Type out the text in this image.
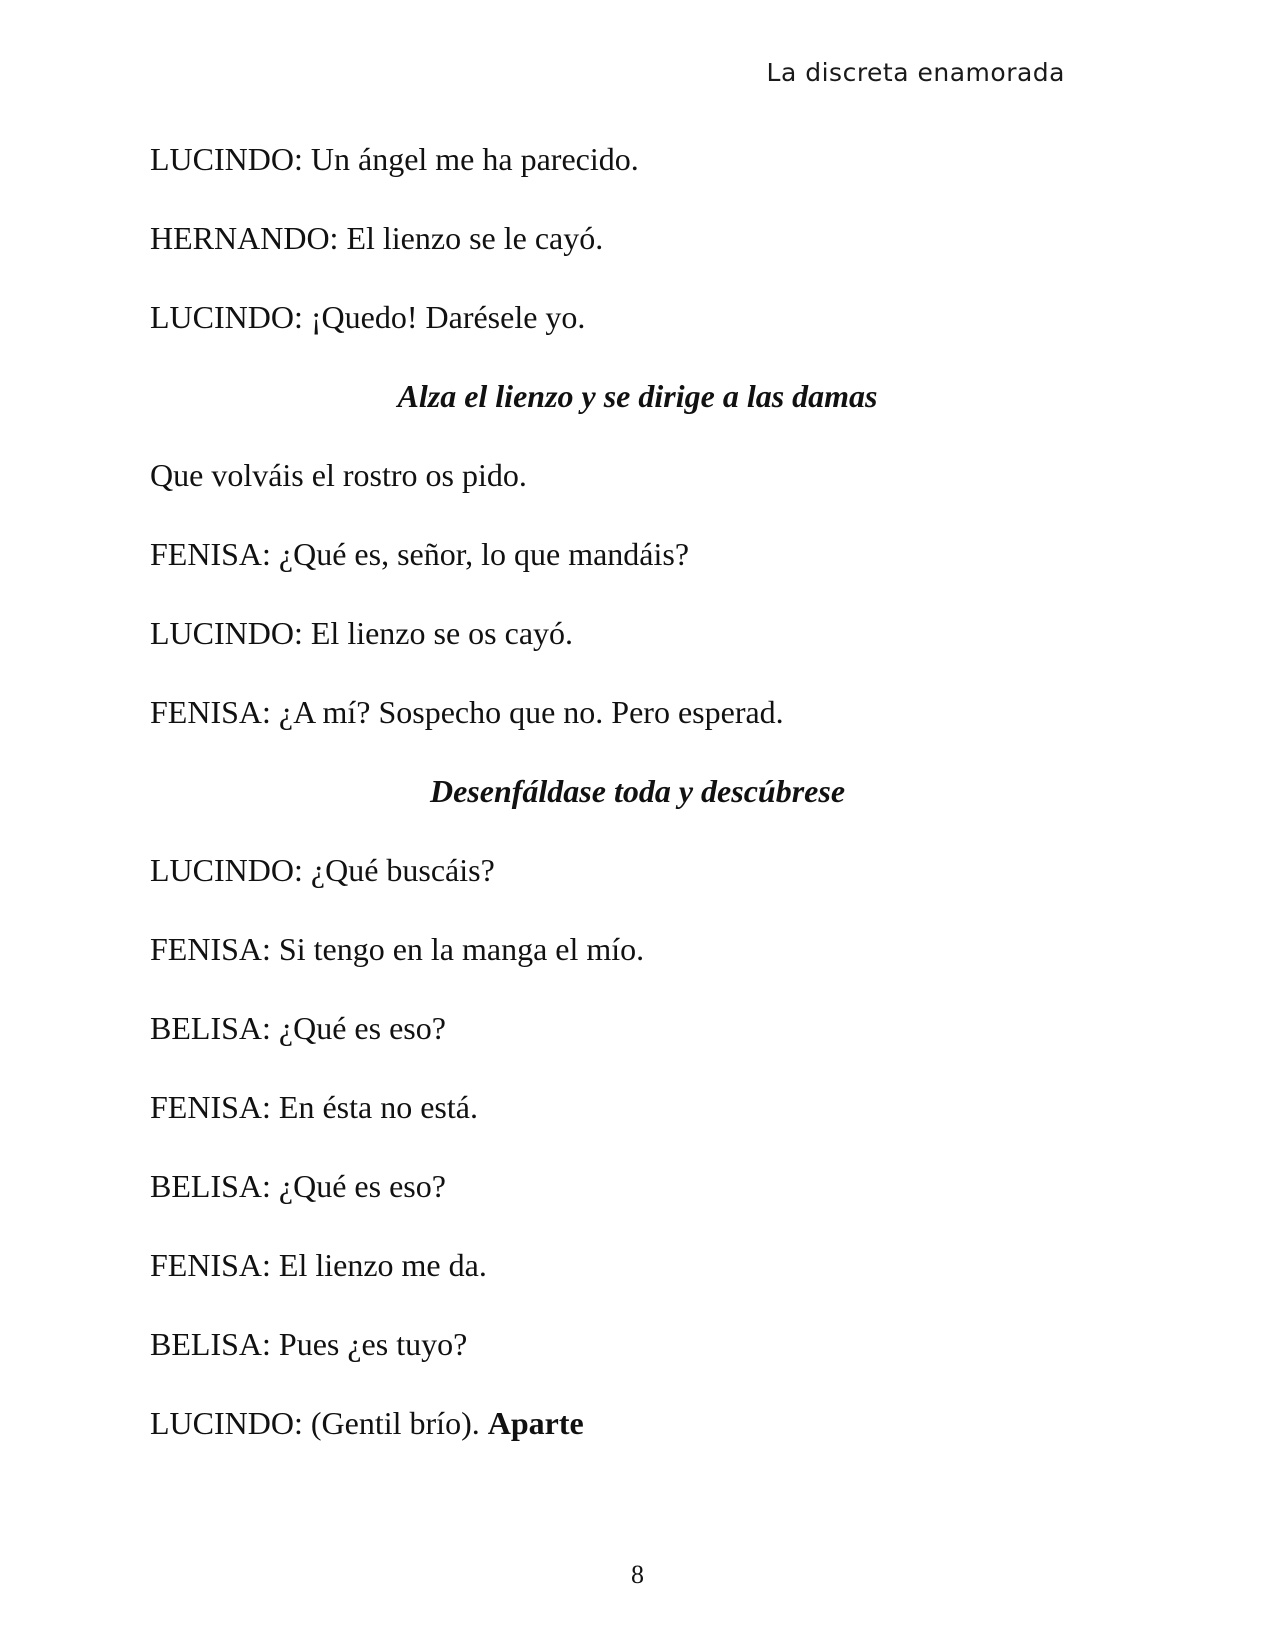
La discreta enamorada
LUCINDO: Un ángel me ha parecido.
HERNANDO: El lienzo se le cayó.
LUCINDO: ¡Quedo! Darésele yo.
Alza el lienzo y se dirige a las damas
Que volváis el rostro os pido.
FENISA: ¿Qué es, señor, lo que mandáis?
LUCINDO: El lienzo se os cayó.
FENISA: ¿A mí? Sospecho que no. Pero esperad.
Desenfáldase toda y descúbrese
LUCINDO: ¿Qué buscáis?
FENISA: Si tengo en la manga el mío.
BELISA: ¿Qué es eso?
FENISA: En ésta no está.
BELISA: ¿Qué es eso?
FENISA: El lienzo me da.
BELISA: Pues ¿es tuyo?
LUCINDO: (Gentil brío). Aparte
8
